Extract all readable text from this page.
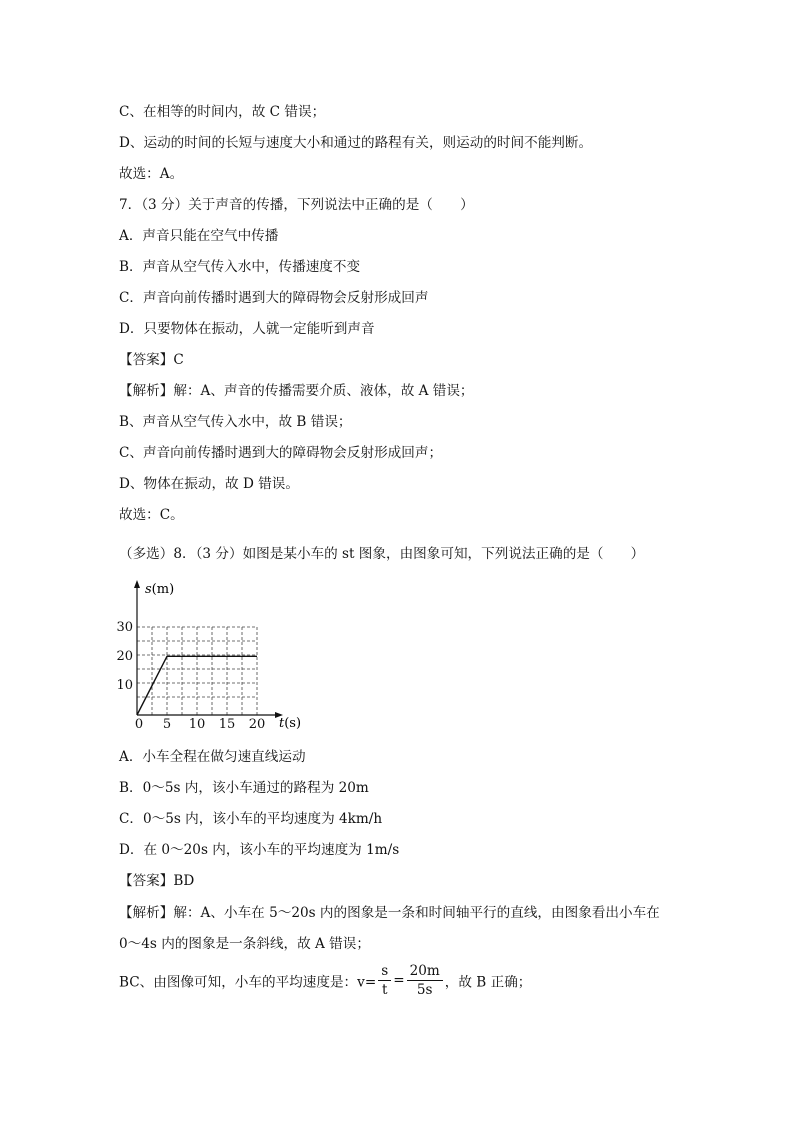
C、在相等的时间内，故 C 错误；
D、运动的时间的长短与速度大小和通过的路程有关，则运动的时间不能判断。
故选：A。
7．（3 分）关于声音的传播，下列说法中正确的是（　　）
A．声音只能在空气中传播
B．声音从空气传入水中，传播速度不变
C．声音向前传播时遇到大的障碍物会反射形成回声
D．只要物体在振动，人就一定能听到声音
【答案】C
【解析】解：A、声音的传播需要介质、液体，故 A 错误；
B、声音从空气传入水中，故 B 错误；
C、声音向前传播时遇到大的障碍物会反射形成回声；
D、物体在振动，故 D 错误。
故选：C。
（多选）8．（3 分）如图是某小车的 st 图象，由图象可知，下列说法正确的是（　　）
s(m)
t(s)
30
20
10
0 5 10 15 20
A．小车全程在做匀速直线运动
B．0～5s 内，该小车通过的路程为 20m
C．0～5s 内，该小车的平均速度为 4km/h
D．在 0～20s 内，该小车的平均速度为 1m/s
【答案】BD
【解析】解：A、小车在 5～20s 内的图象是一条和时间轴平行的直线，由图象看出小车在
0～4s 内的图象是一条斜线，故 A 错误；
BC、由图像可知，小车的平均速度是：$v= \frac{s}{t} = \frac{20m}{5s}$ ，故 B 正确；
